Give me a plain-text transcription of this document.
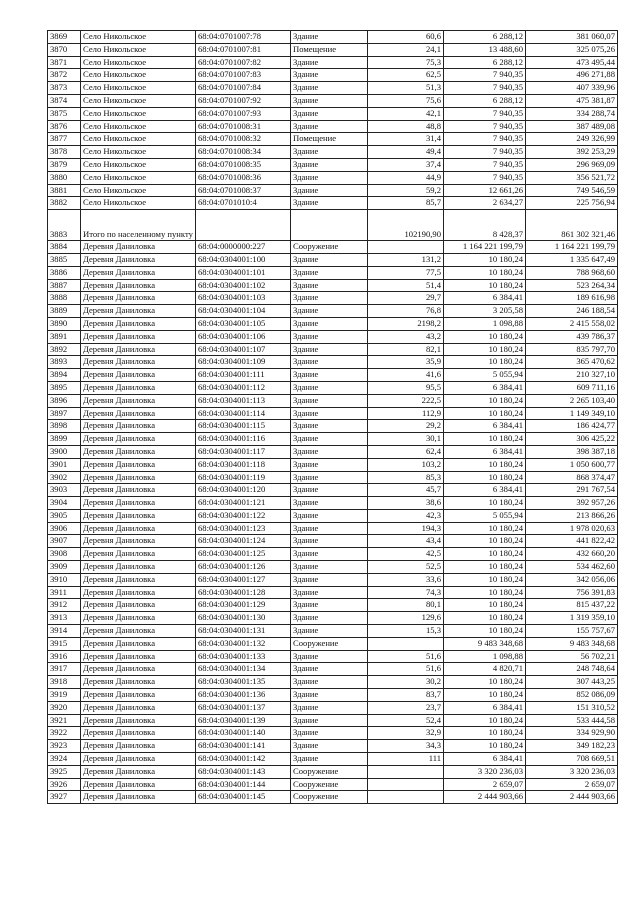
3869	Село Никольское	68:04:0701007:78	Здание	60,6	6 288,12	381 060,07
3870	Село Никольское	68:04:0701007:81	Помещение	24,1	13 488,60	325 075,26
3871	Село Никольское	68:04:0701007:82	Здание	75,3	6 288,12	473 495,44
3872	Село Никольское	68:04:0701007:83	Здание	62,5	7 940,35	496 271,88
3873	Село Никольское	68:04:0701007:84	Здание	51,3	7 940,35	407 339,96
3874	Село Никольское	68:04:0701007:92	Здание	75,6	6 288,12	475 381,87
3875	Село Никольское	68:04:0701007:93	Здание	42,1	7 940,35	334 288,74
3876	Село Никольское	68:04:0701008:31	Здание	48,8	7 940,35	387 489,08
3877	Село Никольское	68:04:0701008:32	Помещение	31,4	7 940,35	249 326,99
3878	Село Никольское	68:04:0701008:34	Здание	49,4	7 940,35	392 253,29
3879	Село Никольское	68:04:0701008:35	Здание	37,4	7 940,35	296 969,09
3880	Село Никольское	68:04:0701008:36	Здание	44,9	7 940,35	356 521,72
3881	Село Никольское	68:04:0701008:37	Здание	59,2	12 661,26	749 546,59
3882	Село Никольское	68:04:0701010:4	Здание	85,7	2 634,27	225 756,94
3883	Итого по населенному пункту			102190,90	8 428,37	861 302 321,46
3884	Деревня Даниловка	68:04:0000000:227	Сооружение		1 164 221 199,79	1 164 221 199,79
3885	Деревня Даниловка	68:04:0304001:100	Здание	131,2	10 180,24	1 335 647,49
3886	Деревня Даниловка	68:04:0304001:101	Здание	77,5	10 180,24	788 968,60
3887	Деревня Даниловка	68:04:0304001:102	Здание	51,4	10 180,24	523 264,34
3888	Деревня Даниловка	68:04:0304001:103	Здание	29,7	6 384,41	189 616,98
3889	Деревня Даниловка	68:04:0304001:104	Здание	76,8	3 205,58	246 188,54
3890	Деревня Даниловка	68:04:0304001:105	Здание	2198,2	1 098,88	2 415 558,02
3891	Деревня Даниловка	68:04:0304001:106	Здание	43,2	10 180,24	439 786,37
3892	Деревня Даниловка	68:04:0304001:107	Здание	82,1	10 180,24	835 797,70
3893	Деревня Даниловка	68:04:0304001:109	Здание	35,9	10 180,24	365 470,62
3894	Деревня Даниловка	68:04:0304001:111	Здание	41,6	5 055,94	210 327,10
3895	Деревня Даниловка	68:04:0304001:112	Здание	95,5	6 384,41	609 711,16
3896	Деревня Даниловка	68:04:0304001:113	Здание	222,5	10 180,24	2 265 103,40
3897	Деревня Даниловка	68:04:0304001:114	Здание	112,9	10 180,24	1 149 349,10
3898	Деревня Даниловка	68:04:0304001:115	Здание	29,2	6 384,41	186 424,77
3899	Деревня Даниловка	68:04:0304001:116	Здание	30,1	10 180,24	306 425,22
3900	Деревня Даниловка	68:04:0304001:117	Здание	62,4	6 384,41	398 387,18
3901	Деревня Даниловка	68:04:0304001:118	Здание	103,2	10 180,24	1 050 600,77
3902	Деревня Даниловка	68:04:0304001:119	Здание	85,3	10 180,24	868 374,47
3903	Деревня Даниловка	68:04:0304001:120	Здание	45,7	6 384,41	291 767,54
3904	Деревня Даниловка	68:04:0304001:121	Здание	38,6	10 180,24	392 957,26
3905	Деревня Даниловка	68:04:0304001:122	Здание	42,3	5 055,94	213 866,26
3906	Деревня Даниловка	68:04:0304001:123	Здание	194,3	10 180,24	1 978 020,63
3907	Деревня Даниловка	68:04:0304001:124	Здание	43,4	10 180,24	441 822,42
3908	Деревня Даниловка	68:04:0304001:125	Здание	42,5	10 180,24	432 660,20
3909	Деревня Даниловка	68:04:0304001:126	Здание	52,5	10 180,24	534 462,60
3910	Деревня Даниловка	68:04:0304001:127	Здание	33,6	10 180,24	342 056,06
3911	Деревня Даниловка	68:04:0304001:128	Здание	74,3	10 180,24	756 391,83
3912	Деревня Даниловка	68:04:0304001:129	Здание	80,1	10 180,24	815 437,22
3913	Деревня Даниловка	68:04:0304001:130	Здание	129,6	10 180,24	1 319 359,10
3914	Деревня Даниловка	68:04:0304001:131	Здание	15,3	10 180,24	155 757,67
3915	Деревня Даниловка	68:04:0304001:132	Сооружение		9 483 348,68	9 483 348,68
3916	Деревня Даниловка	68:04:0304001:133	Здание	51,6	1 098,88	56 702,21
3917	Деревня Даниловка	68:04:0304001:134	Здание	51,6	4 820,71	248 748,64
3918	Деревня Даниловка	68:04:0304001:135	Здание	30,2	10 180,24	307 443,25
3919	Деревня Даниловка	68:04:0304001:136	Здание	83,7	10 180,24	852 086,09
3920	Деревня Даниловка	68:04:0304001:137	Здание	23,7	6 384,41	151 310,52
3921	Деревня Даниловка	68:04:0304001:139	Здание	52,4	10 180,24	533 444,58
3922	Деревня Даниловка	68:04:0304001:140	Здание	32,9	10 180,24	334 929,90
3923	Деревня Даниловка	68:04:0304001:141	Здание	34,3	10 180,24	349 182,23
3924	Деревня Даниловка	68:04:0304001:142	Здание	111	6 384,41	708 669,51
3925	Деревня Даниловка	68:04:0304001:143	Сооружение		3 320 236,03	3 320 236,03
3926	Деревня Даниловка	68:04:0304001:144	Сооружение		2 659,07	2 659,07
3927	Деревня Даниловка	68:04:0304001:145	Сооружение		2 444 903,66	2 444 903,66
